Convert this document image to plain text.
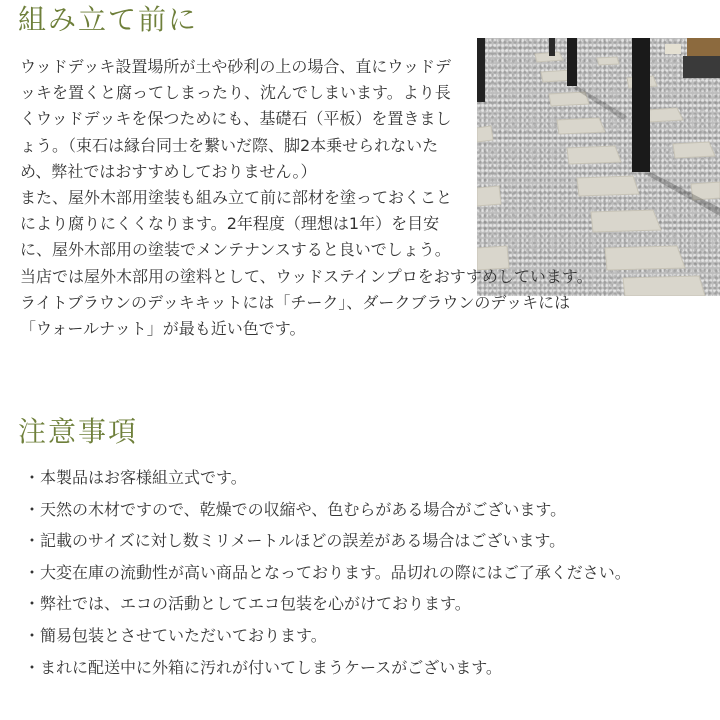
組み立て前に
ウッドデッキ設置場所が土や砂利の上の場合、直にウッドデッキを置くと腐ってしまったり、沈んでしまいます。より長くウッドデッキを保つためにも、基礎石（平板）を置きましょう。（束石は縁台同士を繋いだ際、脚2本乗せられないため、弊社ではおすすめしておりません。）
また、屋外木部用塗装も組み立て前に部材を塗っておくことにより腐りにくくなります。2年程度（理想は1年）を目安に、屋外木部用の塗装でメンテナンスすると良いでしょう。
当店では屋外木部用の塗料として、ウッドステインプロをおすすめしています。
ライトブラウンのデッキキットには「チーク」、ダークブラウンのデッキには
「ウォールナット」が最も近い色です。
注意事項
・本製品はお客様組立式です。
・天然の木材ですので、乾燥での収縮や、色むらがある場合がございます。
・記載のサイズに対し数ミリメートルほどの誤差がある場合はございます。
・大変在庫の流動性が高い商品となっております。品切れの際にはご了承ください。
・弊社では、エコの活動としてエコ包装を心がけております。
・簡易包装とさせていただいております。
・まれに配送中に外箱に汚れが付いてしまうケースがございます。
